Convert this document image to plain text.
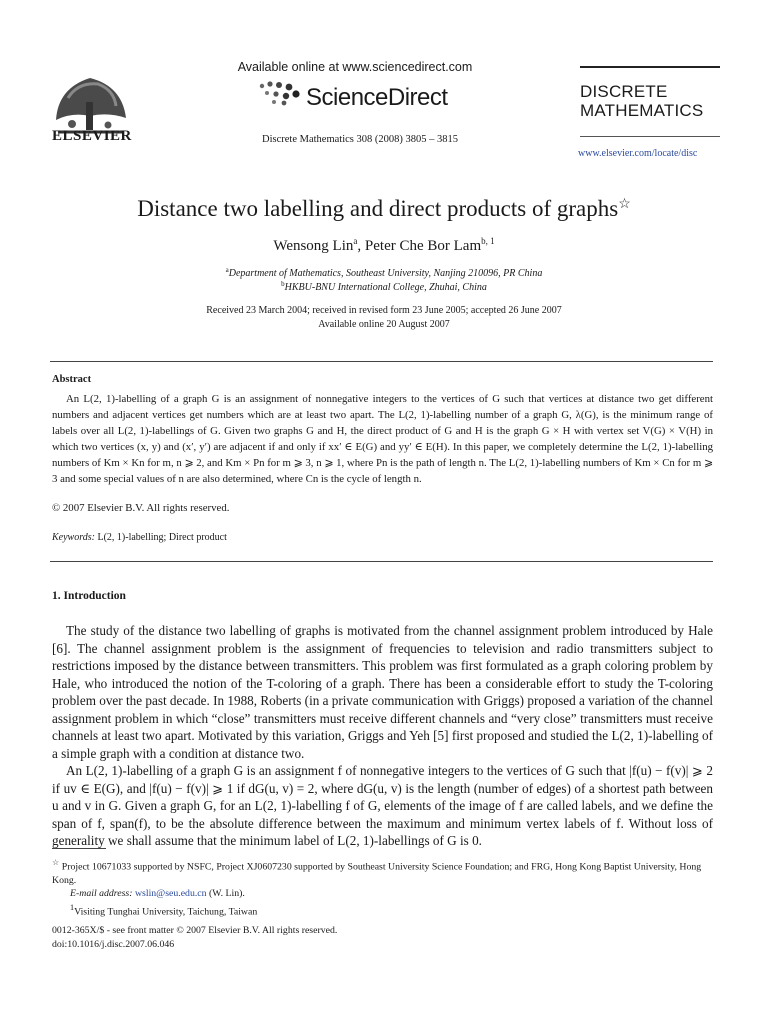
ELSEVIER
Available online at www.sciencedirect.com
ScienceDirect
Discrete Mathematics 308 (2008) 3805 – 3815
DISCRETE
MATHEMATICS
www.elsevier.com/locate/disc
Distance two labelling and direct products of graphs☆
Wensong Lin$^a$, Peter Che Bor Lam$^{b, 1}$
$^a$Department of Mathematics, Southeast University, Nanjing 210096, PR China
$^b$HKBU-BNU International College, Zhuhai, China
Received 23 March 2004; received in revised form 23 June 2005; accepted 26 June 2007
Available online 20 August 2007
Abstract

An L(2, 1)-labelling of a graph G is an assignment of nonnegative integers to the vertices of G such that vertices at distance two get different numbers and adjacent vertices get numbers which are at least two apart. The L(2, 1)-labelling number of a graph G, λ(G), is the minimum range of labels over all L(2, 1)-labellings of G. Given two graphs G and H, the direct product of G and H is the graph G × H with vertex set V(G) × V(H) in which two vertices (x, y) and (x′, y′) are adjacent if and only if xx′ ∈ E(G) and yy′ ∈ E(H). In this paper, we completely determine the L(2, 1)-labelling numbers of Km × Kn for m, n ⩾ 2, and Km × Pn for m ⩾ 3, n ⩾ 1, where Pn is the path of length n. The L(2, 1)-labelling numbers of Km × Cn for m ⩾ 3 and some special values of n are also determined, where Cn is the cycle of length n.

© 2007 Elsevier B.V. All rights reserved.
Keywords: L(2, 1)-labelling; Direct product
1. Introduction

The study of the distance two labelling of graphs is motivated from the channel assignment problem introduced by Hale [6]. The channel assignment problem is the assignment of frequencies to television and radio transmitters subject to restrictions imposed by the distance between transmitters. This problem was first formulated as a graph coloring problem by Hale, who introduced the notion of the T-coloring of a graph. There has been a considerable effort to study the T-coloring problem over the past decade. In 1988, Roberts (in a private communication with Griggs) proposed a variation of the channel assignment problem in which “close” transmitters must receive different channels and “very close” transmitters must receive channels at least two apart. Motivated by this variation, Griggs and Yeh [5] first proposed and studied the L(2, 1)-labelling of a simple graph with a condition at distance two.

An L(2, 1)-labelling of a graph G is an assignment f of nonnegative integers to the vertices of G such that |f(u) − f(v)| ⩾ 2 if uv ∈ E(G), and |f(u) − f(v)| ⩾ 1 if dG(u, v) = 2, where dG(u, v) is the length (number of edges) of a shortest path between u and v in G. Given a graph G, for an L(2, 1)-labelling f of G, elements of the image of f are called labels, and we define the span of f, span(f), to be the absolute difference between the maximum and minimum vertex labels of f. Without loss of generality we shall assume that the minimum label of L(2, 1)-labellings of G is 0.

☆ Project 10671033 supported by NSFC, Project XJ0607230 supported by Southeast University Science Foundation; and FRG, Hong Kong Baptist University, Hong Kong.

E-mail address: wslin@seu.edu.cn (W. Lin).

$^1$Visiting Tunghai University, Taichung, Taiwan

0012-365X/$ - see front matter © 2007 Elsevier B.V. All rights reserved.
doi:10.1016/j.disc.2007.06.046
